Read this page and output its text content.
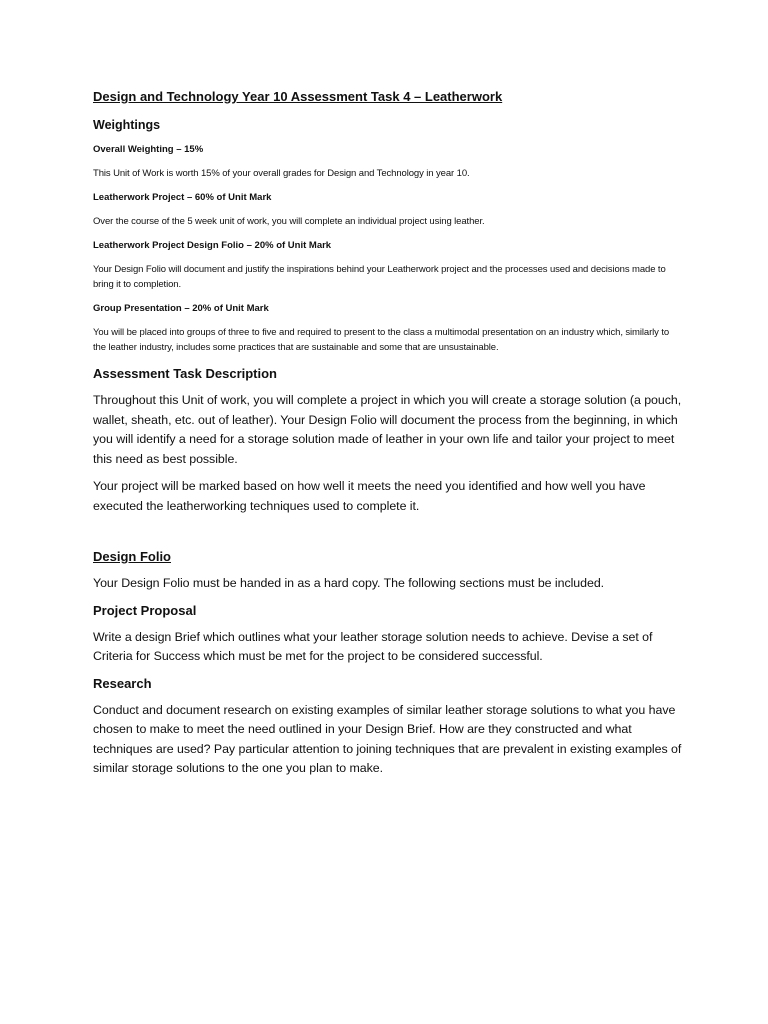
Design and Technology Year 10 Assessment Task 4 – Leatherwork
Weightings
Overall Weighting – 15%
This Unit of Work is worth 15% of your overall grades for Design and Technology in year 10.
Leatherwork Project – 60% of Unit Mark
Over the course of the 5 week unit of work, you will complete an individual project using leather.
Leatherwork Project Design Folio – 20% of Unit Mark
Your Design Folio will document and justify the inspirations behind your Leatherwork project and the processes used and decisions made to bring it to completion.
Group Presentation – 20% of Unit Mark
You will be placed into groups of three to five and required to present to the class a multimodal presentation on an industry which, similarly to the leather industry, includes some practices that are sustainable and some that are unsustainable.
Assessment Task Description
Throughout this Unit of work, you will complete a project in which you will create a storage solution (a pouch, wallet, sheath, etc. out of leather). Your Design Folio will document the process from the beginning, in which you will identify a need for a storage solution made of leather in your own life and tailor your project to meet this need as best possible.
Your project will be marked based on how well it meets the need you identified and how well you have executed the leatherworking techniques used to complete it.
Design Folio
Your Design Folio must be handed in as a hard copy. The following sections must be included.
Project Proposal
Write a design Brief which outlines what your leather storage solution needs to achieve. Devise a set of Criteria for Success which must be met for the project to be considered successful.
Research
Conduct and document research on existing examples of similar leather storage solutions to what you have chosen to make to meet the need outlined in your Design Brief. How are they constructed and what techniques are used? Pay particular attention to joining techniques that are prevalent in existing examples of similar storage solutions to the one you plan to make.
